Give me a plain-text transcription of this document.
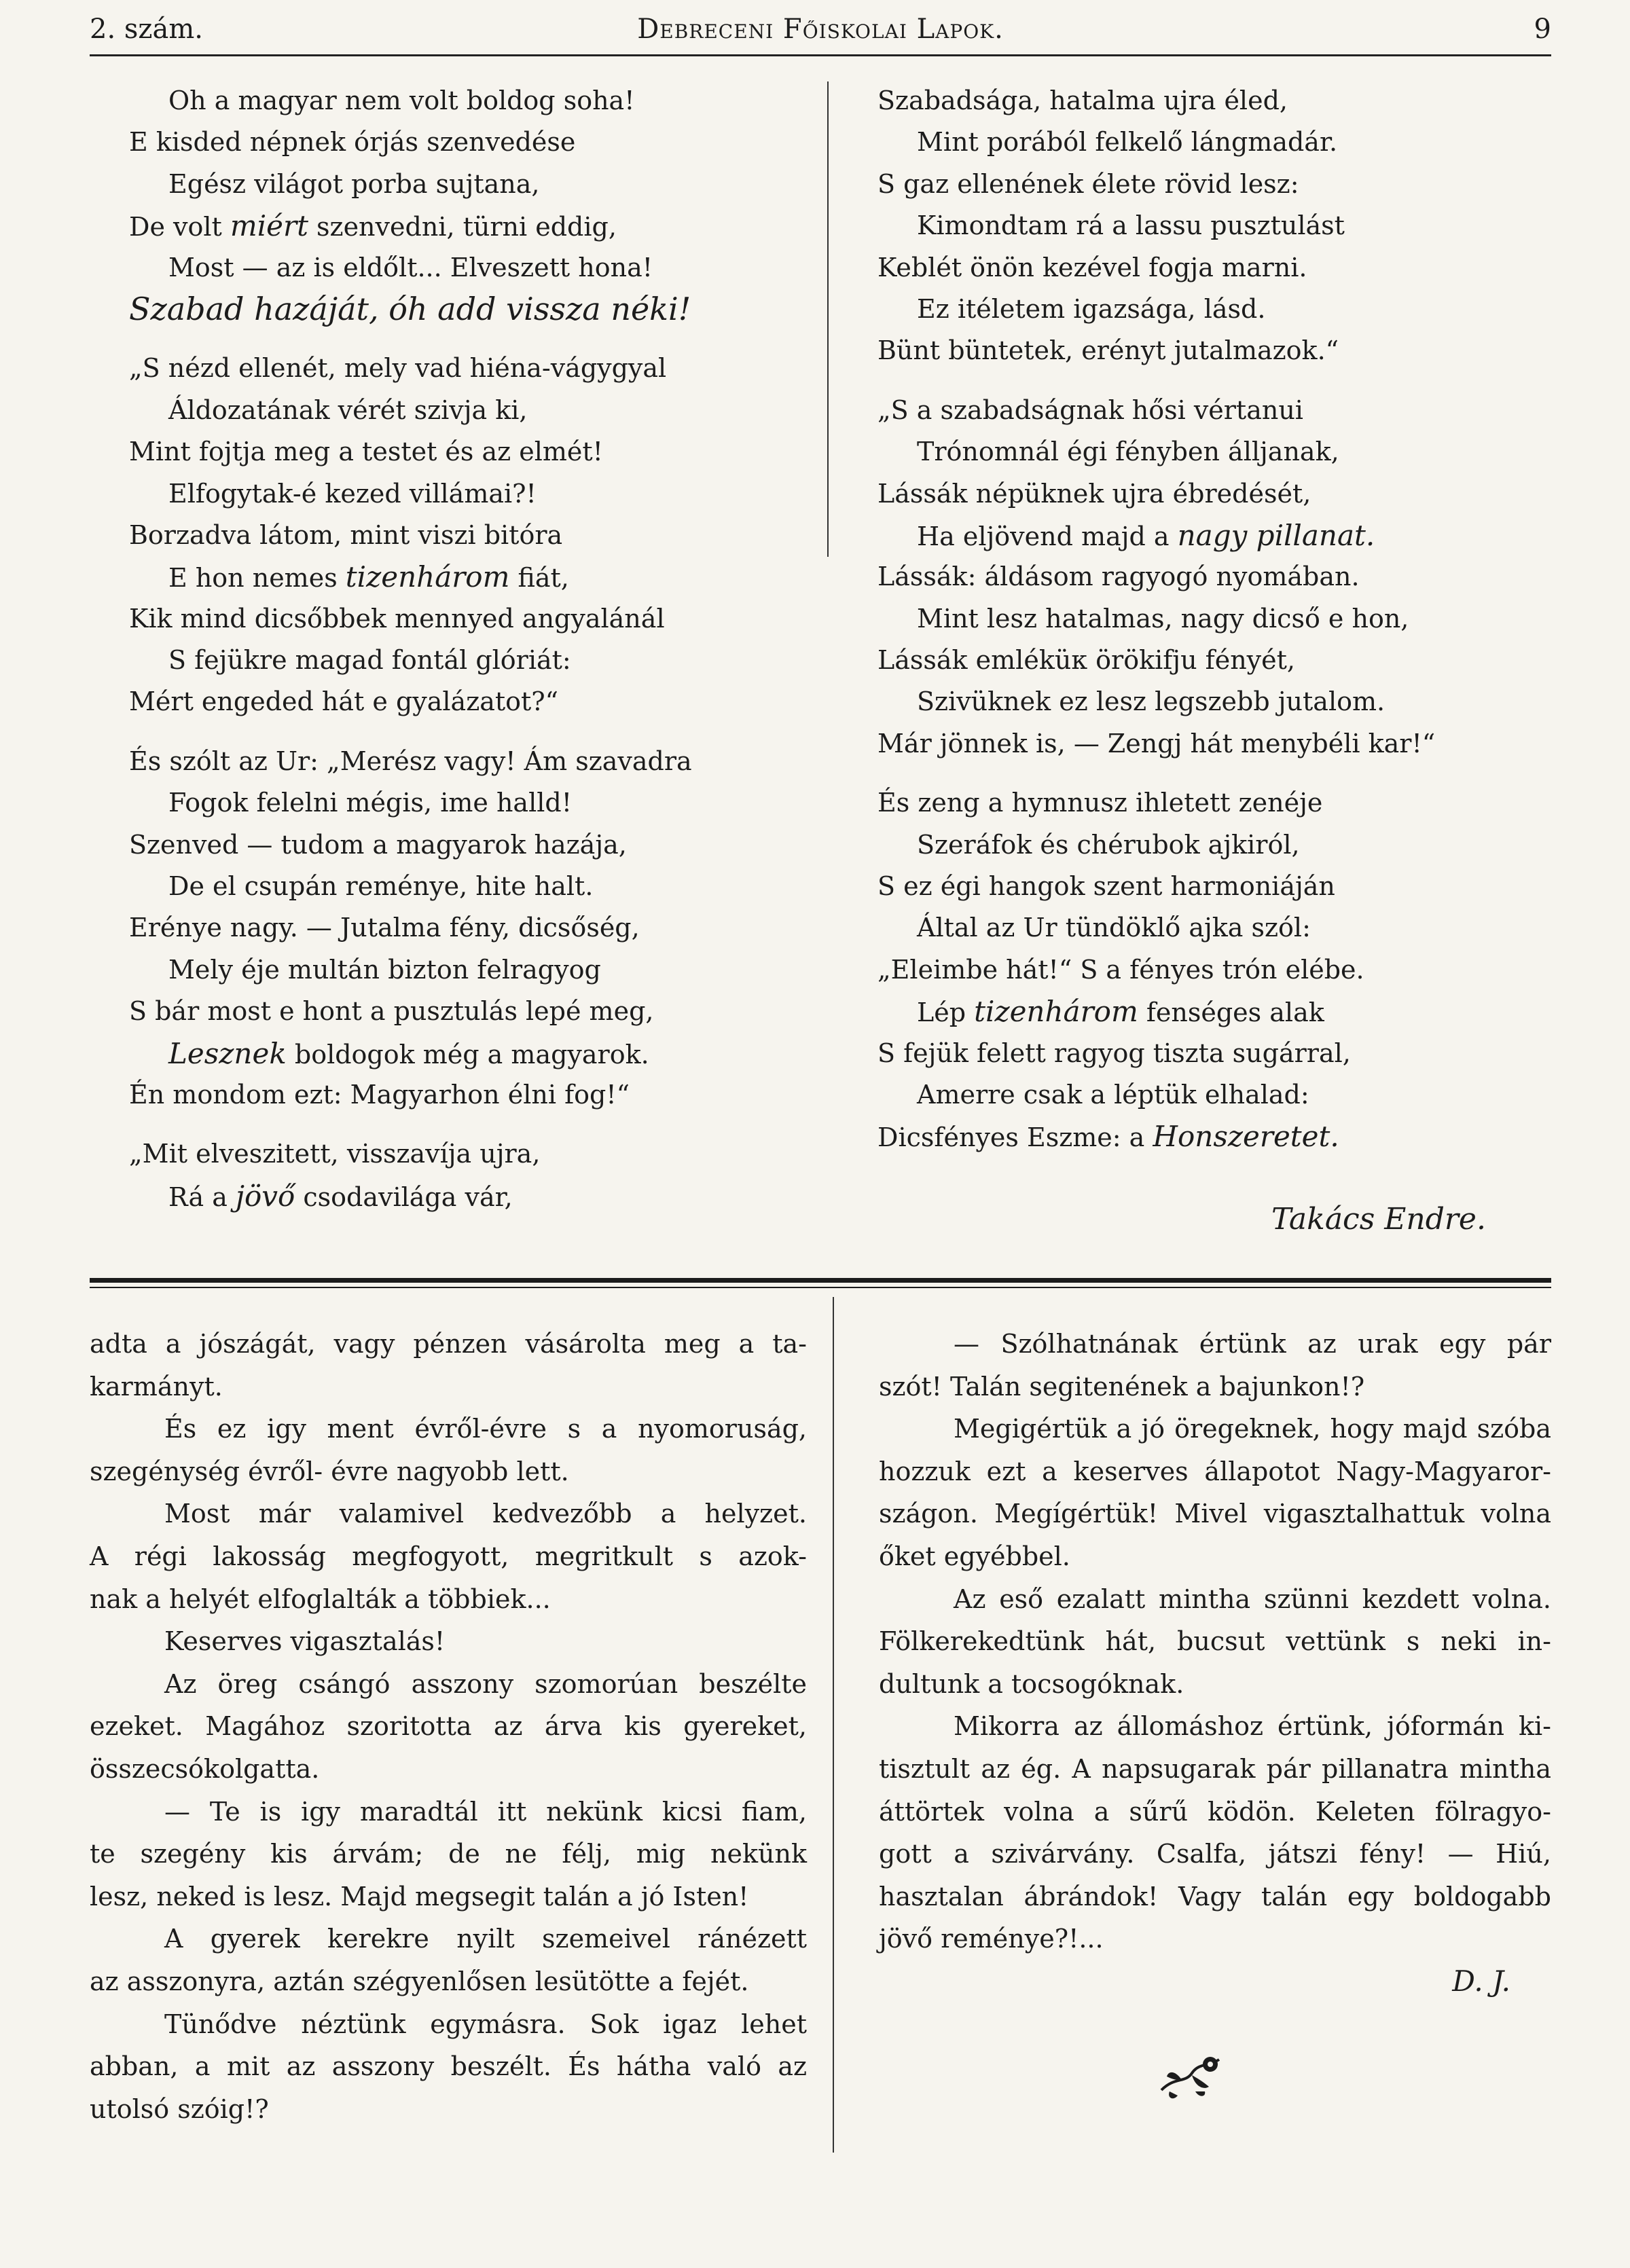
2. szám.	Debreceni Főiskolai Lapok.	9
Oh a magyar nem volt boldog soha!
E kisded népnek órjás szenvedése
Egész világot porba sujtana,
De volt miért szenvedni, türni eddig,
Most — az is eldőlt... Elveszett hona!
Szabad hazáját, óh add vissza néki!
„S nézd ellenét, mely vad hiéna-vágygyal
Áldozatának vérét szivja ki,
Mint fojtja meg a testet és az elmét!
Elfogytak-é kezed villámai?!
Borzadva látom, mint viszi bitóra
E hon nemes tizenhárom fiát,
Kik mind dicsőbbek mennyed angyalánál
S fejükre magad fontál glóriát:
Mért engeded hát e gyalázatot?“
És szólt az Ur: „Merész vagy! Ám szavadra
Fogok felelni mégis, ime halld!
Szenved — tudom a magyarok hazája,
De el csupán reménye, hite halt.
Erénye nagy. — Jutalma fény, dicsőség,
Mely éje multán bizton felragyog
S bár most e hont a pusztulás lepé meg,
Lesznek boldogok még a magyarok.
Én mondom ezt: Magyarhon élni fog!“
„Mit elveszitett, visszavíja ujra,
Rá a jövő csodavilága vár,
Szabadsága, hatalma ujra éled,
Mint porából felkelő lángmadár.
S gaz ellenének élete rövid lesz:
Kimondtam rá a lassu pusztulást
Keblét önön kezével fogja marni.
Ez itéletem igazsága, lásd.
Bünt büntetek, erényt jutalmazok.“
„S a szabadságnak hősi vértanui
Trónomnál égi fényben álljanak,
Lássák népüknek ujra ébredését,
Ha eljövend majd a nagy pillanat.
Lássák: áldásom ragyogó nyomában.
Mint lesz hatalmas, nagy dicső e hon,
Lássák emléküк örökifju fényét,
Szivüknek ez lesz legszebb jutalom.
Már jönnek is, — Zengj hát menybéli kar!“
És zeng a hymnusz ihletett zenéje
Szeráfok és chérubok ajkiról,
S ez égi hangok szent harmoniáján
Által az Ur tündöklő ajka szól:
„Eleimbe hát!“ S a fényes trón elébe.
Lép tizenhárom fenséges alak
S fejük felett ragyog tiszta sugárral,
Amerre csak a léptük elhalad:
Dicsfényes Eszme: a Honszeretet.
Takács Endre.
adta a jószágát, vagy pénzen vásárolta meg a ta-
karmányt.
És ez igy ment évről-évre s a nyomoruság,
szegénység évről- évre nagyobb lett.
Most már valamivel kedvezőbb a helyzet.
A régi lakosság megfogyott, megritkult s azok-
nak a helyét elfoglalták a többiek...
Keserves vigasztalás!
Az öreg csángó asszony szomorúan beszélte
ezeket. Magához szoritotta az árva kis gyereket,
összecsókolgatta.
— Te is igy maradtál itt nekünk kicsi fiam,
te szegény kis árvám; de ne félj, mig nekünk
lesz, neked is lesz. Majd megsegit talán a jó Isten!
A gyerek kerekre nyilt szemeivel ránézett
az asszonyra, aztán szégyenlősen lesütötte a fejét.
Tünődve néztünk egymásra. Sok igaz lehet
abban, a mit az asszony beszélt. És hátha való az
utolsó szóig!?
— Szólhatnának értünk az urak egy pár
szót! Talán segitenének a bajunkon!?
Megigértük a jó öregeknek, hogy majd szóba
hozzuk ezt a keserves állapotot Nagy-Magyaror-
szágon. Megígértük! Mivel vigasztalhattuk volna
őket egyébbel.
Az eső ezalatt mintha szünni kezdett volna.
Fölkerekedtünk hát, bucsut vettünk s neki in-
dultunk a tocsogóknak.
Mikorra az állomáshoz értünk, jóformán ki-
tisztult az ég. A napsugarak pár pillanatra mintha
áttörtek volna a sűrű ködön. Keleten fölragyo-
gott a szivárvány. Csalfa, játszi fény! — Hiú,
hasztalan ábrándok! Vagy talán egy boldogabb
jövő reménye?!...
D. J.
